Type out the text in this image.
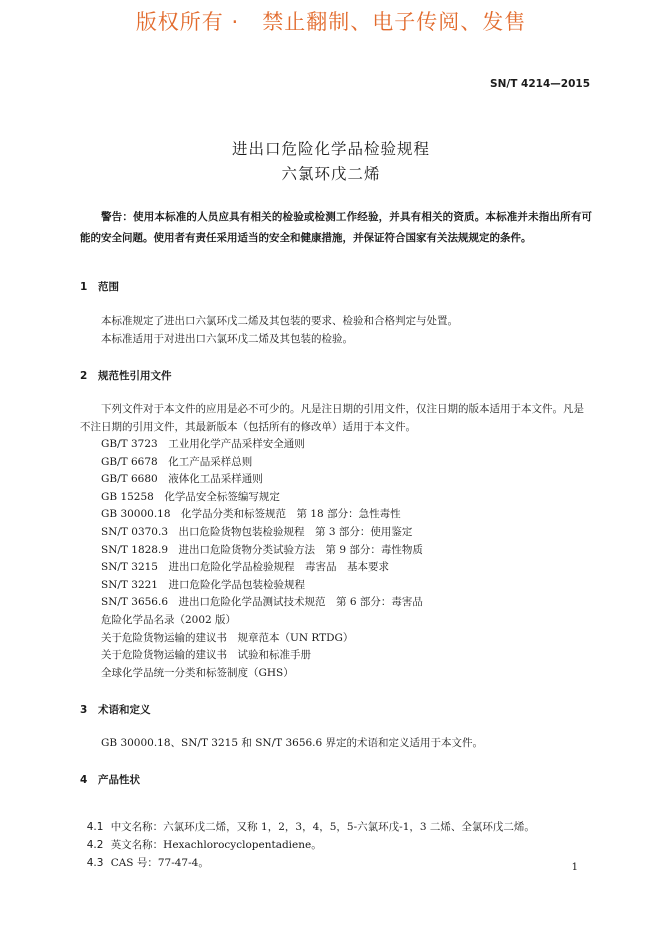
版权所有 ·   禁止翻制、电子传阅、发售
SN/T 4214—2015
进出口危险化学品检验规程
六氯环戊二烯

警告：使用本标准的人员应具有相关的检验或检测工作经验，并具有相关的资质。本标准并未指出所有可能的安全问题。使用者有责任采用适当的安全和健康措施，并保证符合国家有关法规规定的条件。

1 范围

本标准规定了进出口六氯环戊二烯及其包装的要求、检验和合格判定与处置。

本标准适用于对进出口六氯环戊二烯及其包装的检验。

2 规范性引用文件

下列文件对于本文件的应用是必不可少的。凡是注日期的引用文件，仅注日期的版本适用于本文件。凡是不注日期的引用文件，其最新版本（包括所有的修改单）适用于本文件。

GB/T 3723　工业用化学产品采样安全通则
GB/T 6678　化工产品采样总则
GB/T 6680　液体化工品采样通则
GB 15258　化学品安全标签编写规定
GB 30000.18　化学品分类和标签规范　第 18 部分：急性毒性
SN/T 0370.3　出口危险货物包装检验规程　第 3 部分：使用鉴定
SN/T 1828.9　进出口危险货物分类试验方法　第 9 部分：毒性物质
SN/T 3215　进出口危险化学品检验规程　毒害品　基本要求
SN/T 3221　进口危险化学品包装检验规程
SN/T 3656.6　进出口危险化学品测试技术规范　第 6 部分：毒害品
危险化学品名录（2002 版）
关于危险货物运输的建议书　规章范本（UN RTDG）
关于危险货物运输的建议书　试验和标准手册
全球化学品统一分类和标签制度（GHS）
3 术语和定义

GB 30000.18、SN/T 3215 和 SN/T 3656.6 界定的术语和定义适用于本文件。

4 产品性状

4.1 中文名称：六氯环戊二烯，又称 1，2，3，4，5，5-六氯环戊-1，3 二烯、全氯环戊二烯。

4.2 英文名称：Hexachlorocyclopentadiene。

4.3 CAS 号：77-47-4。	1
